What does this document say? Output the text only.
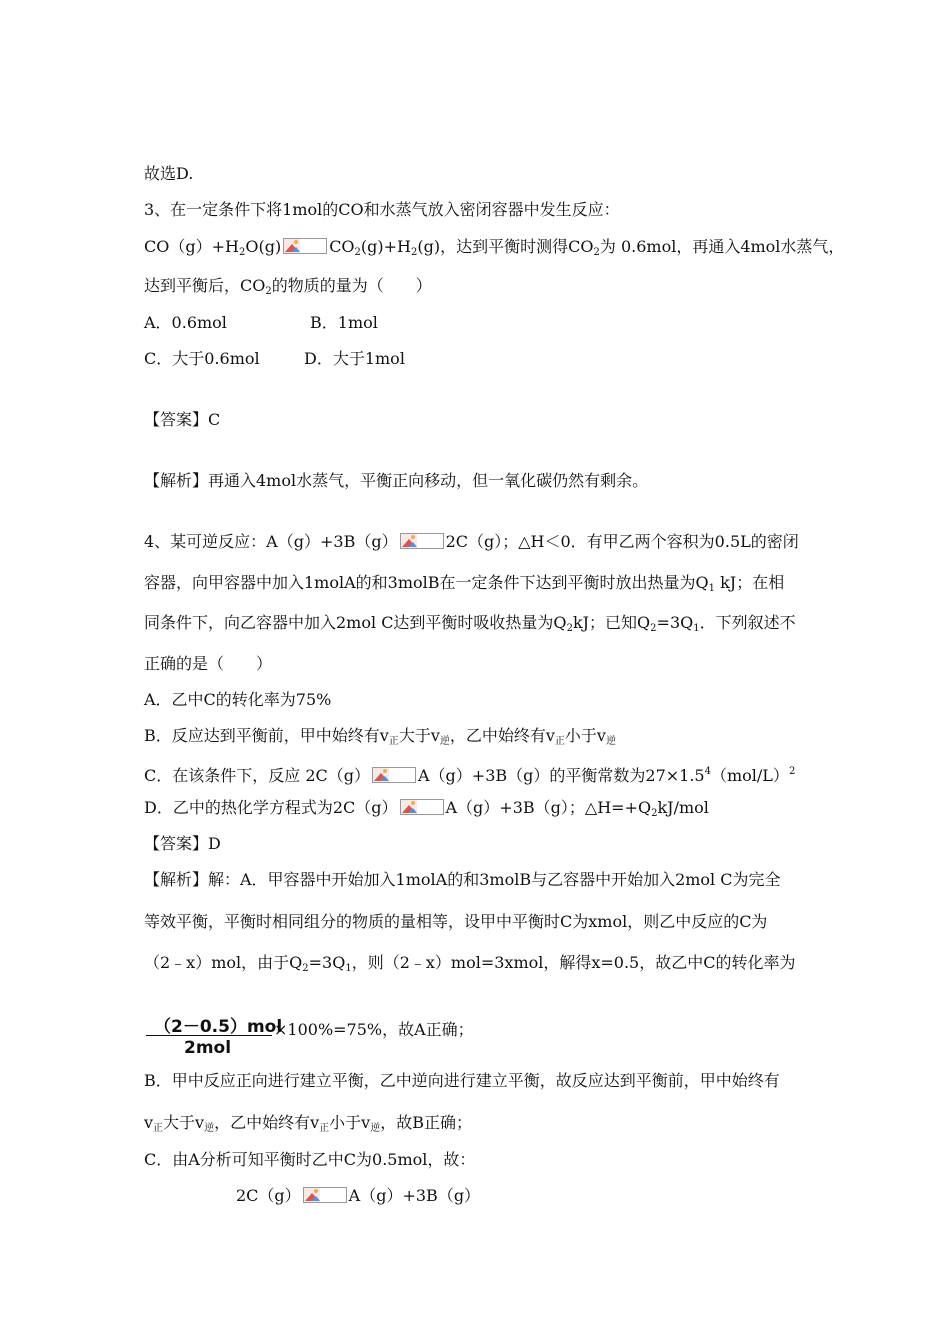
故选D.
3、在一定条件下将1mol的CO和水蒸气放入密闭容器中发生反应：
$CO(g)+H_2O(g)$	$CO_2(g)+H_2(g)$，达到平衡时测得$CO_2$为 0.6mol，再通入4mol水蒸气，
达到平衡后，$CO_2$的物质的量为（　　）
A．0.6mol	B．1mol
C．大于0.6mol	D．大于1mol
【答案】C
【解析】再通入4mol水蒸气，平衡正向移动，但一氧化碳仍然有剩余。
4、某可逆反应：A（g）+3B（g）	2C（g）；△H＜0．有甲乙两个容积为0.5L的密闭
容器，向甲容器中加入1molA的和3molB在一定条件下达到平衡时放出热量为$Q_1$ kJ；在相
同条件下，向乙容器中加入2mol C达到平衡时吸收热量为$Q_2kJ$；已知$Q_2=3Q_1$．下列叙述不
正确的是（　　）
A．乙中C的转化率为75%
B．反应达到平衡前，甲中始终有$v_正$大于$v_逆$，乙中始终有$v_正$小于$v_逆$
C．在该条件下，反应 2C（g）	A（g）+3B（g）的平衡常数为$27\times 1.5^4(mol/L)^2$
D．乙中的热化学方程式为2C（g）	A（g）+3B（g）；$\triangle H=+Q_2kJ$/mol
【答案】D
【解析】解：A．甲容器中开始加入1molA的和3molB与乙容器中开始加入2mol C为完全
等效平衡，平衡时相同组分的物质的量相等，设甲中平衡时C为xmol，则乙中反应的C为
（2﹣x）mol，由于$Q_2=3Q_1$，则（2﹣x）mol=3xmol，解得x=0.5，故乙中C的转化率为
（2－0.5）mol
2mol
×100%=75%，故A正确；
B．甲中反应正向进行建立平衡，乙中逆向进行建立平衡，故反应达到平衡前，甲中始终有
$v_正$大于$v_逆$，乙中始终有$v_正$小于$v_逆$，故B正确；
C．由A分析可知平衡时乙中C为0.5mol，故：
2C（g）	A（g）+3B（g）
